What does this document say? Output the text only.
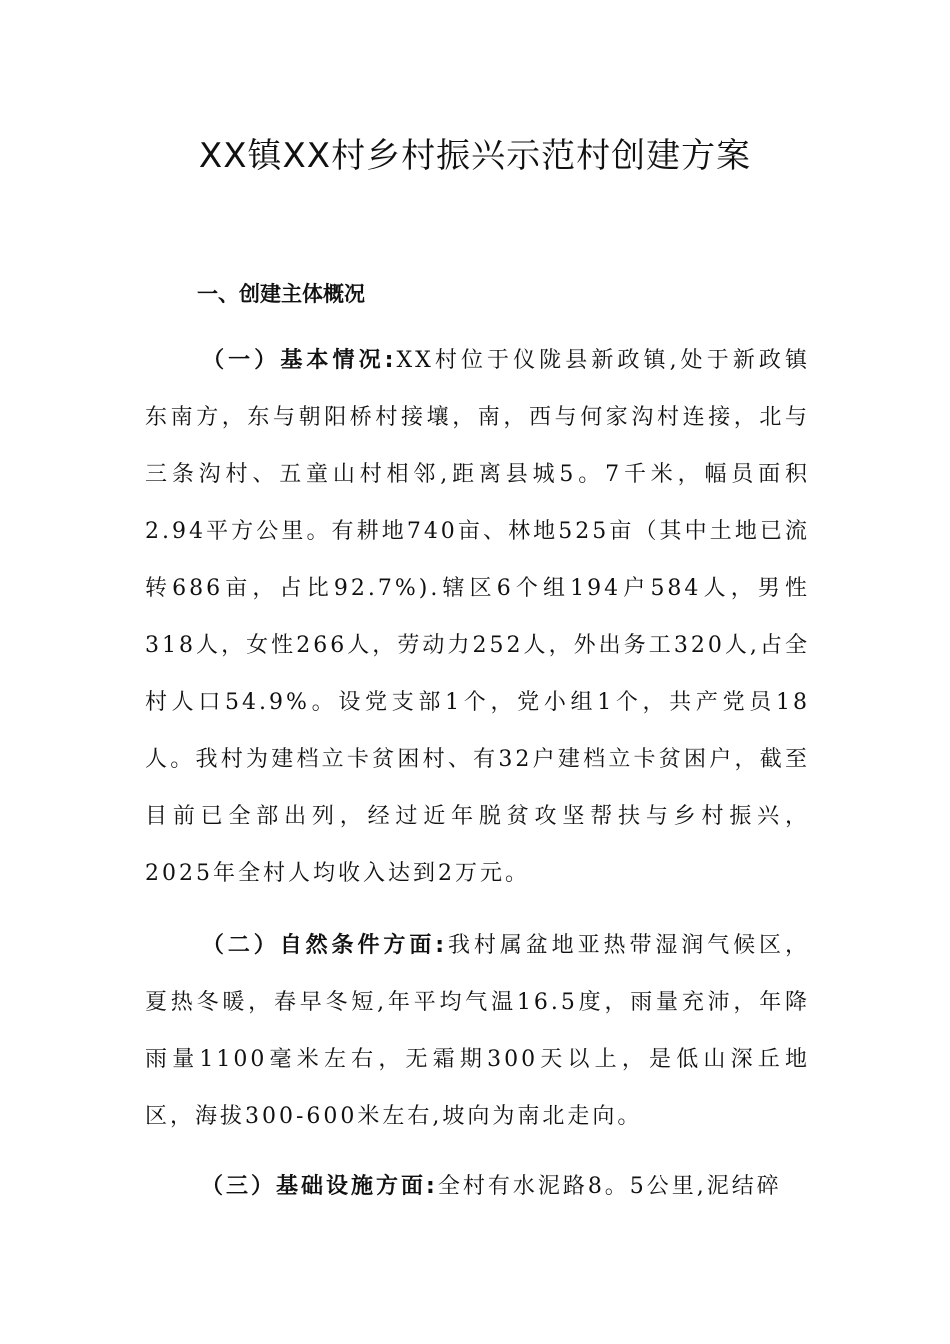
XX镇XX村乡村振兴示范村创建方案
一、创建主体概况

（一）基本情况:XX村位于仪陇县新政镇,处于新政镇东南方，东与朝阳桥村接壤，南，西与何家沟村连接，北与三条沟村、五童山村相邻,距离县城5。7千米，幅员面积2.94平方公里。有耕地740亩、林地525亩（其中土地已流转686亩，占比92.7%).辖区6个组194户584人，男性318人，女性266人，劳动力252人，外出务工320人,占全村人口54.9%。设党支部1个，党小组1个，共产党员18人。我村为建档立卡贫困村、有32户建档立卡贫困户，截至目前已全部出列，经过近年脱贫攻坚帮扶与乡村振兴，2025年全村人均收入达到2万元。

（二）自然条件方面:我村属盆地亚热带湿润气候区，夏热冬暖，春早冬短,年平均气温16.5度，雨量充沛，年降雨量1100毫米左右，无霜期300天以上，是低山深丘地区，海拔300-600米左右,坡向为南北走向。

（三）基础设施方面:全村有水泥路8。5公里,泥结碎
